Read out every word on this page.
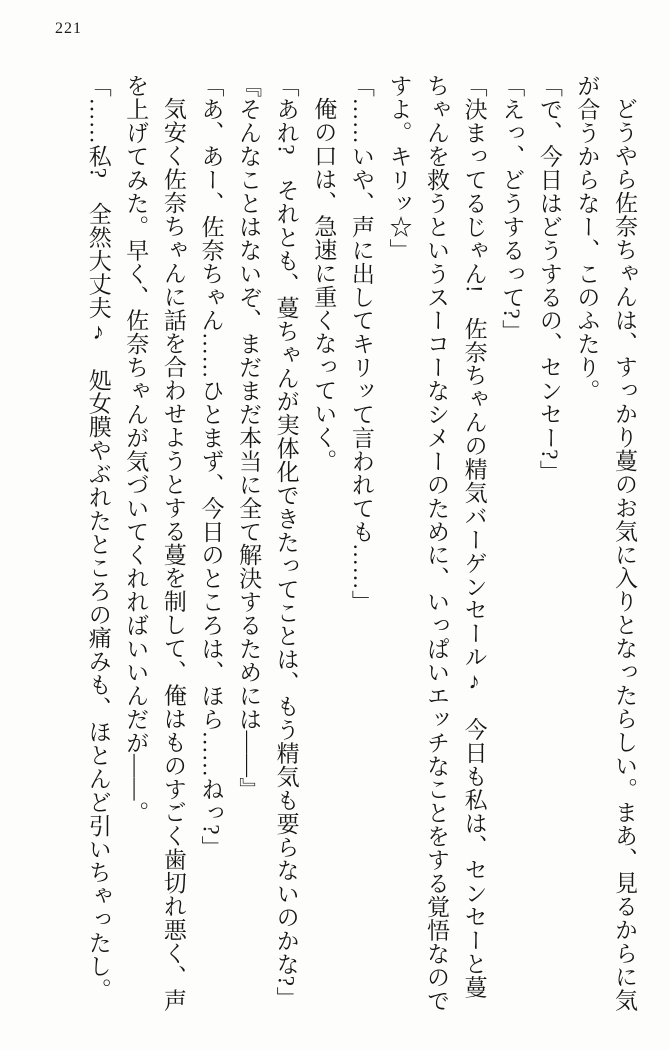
221

どうやら佐奈ちゃんは、すっかり蔓のお気に入りとなったらしい。まあ、見るからに気が合うからなー、このふたり。

「で、今日はどうするの、センセー?」

「えっ、どうするって?」

「決まってるじゃん!　佐奈ちゃんの精気バーゲンセール♪　今日も私は、センセーと蔓ちゃんを救うというスーコーなシメーのために、いっぱいエッチなことをする覚悟なのですよ。キリッ☆」

「……いや、声に出してキリッて言われても……」

俺の口は、急速に重くなっていく。

「あれ?　それとも、蔓ちゃんが実体化できたってことは、もう精気も要らないのかな?」

『そんなことはないぞ、まだまだ本当に全て解決するためには――』

「あ、あー、佐奈ちゃん……ひとまず、今日のところは、ほら……ねっ?」

気安く佐奈ちゃんに話を合わせようとする蔓を制して、俺はものすごく歯切れ悪く、声を上げてみた。早く、佐奈ちゃんが気づいてくれればいいんだが――。

「……私?　全然大丈夫♪　処女膜やぶれたところの痛みも、ほとんど引いちゃったし。
